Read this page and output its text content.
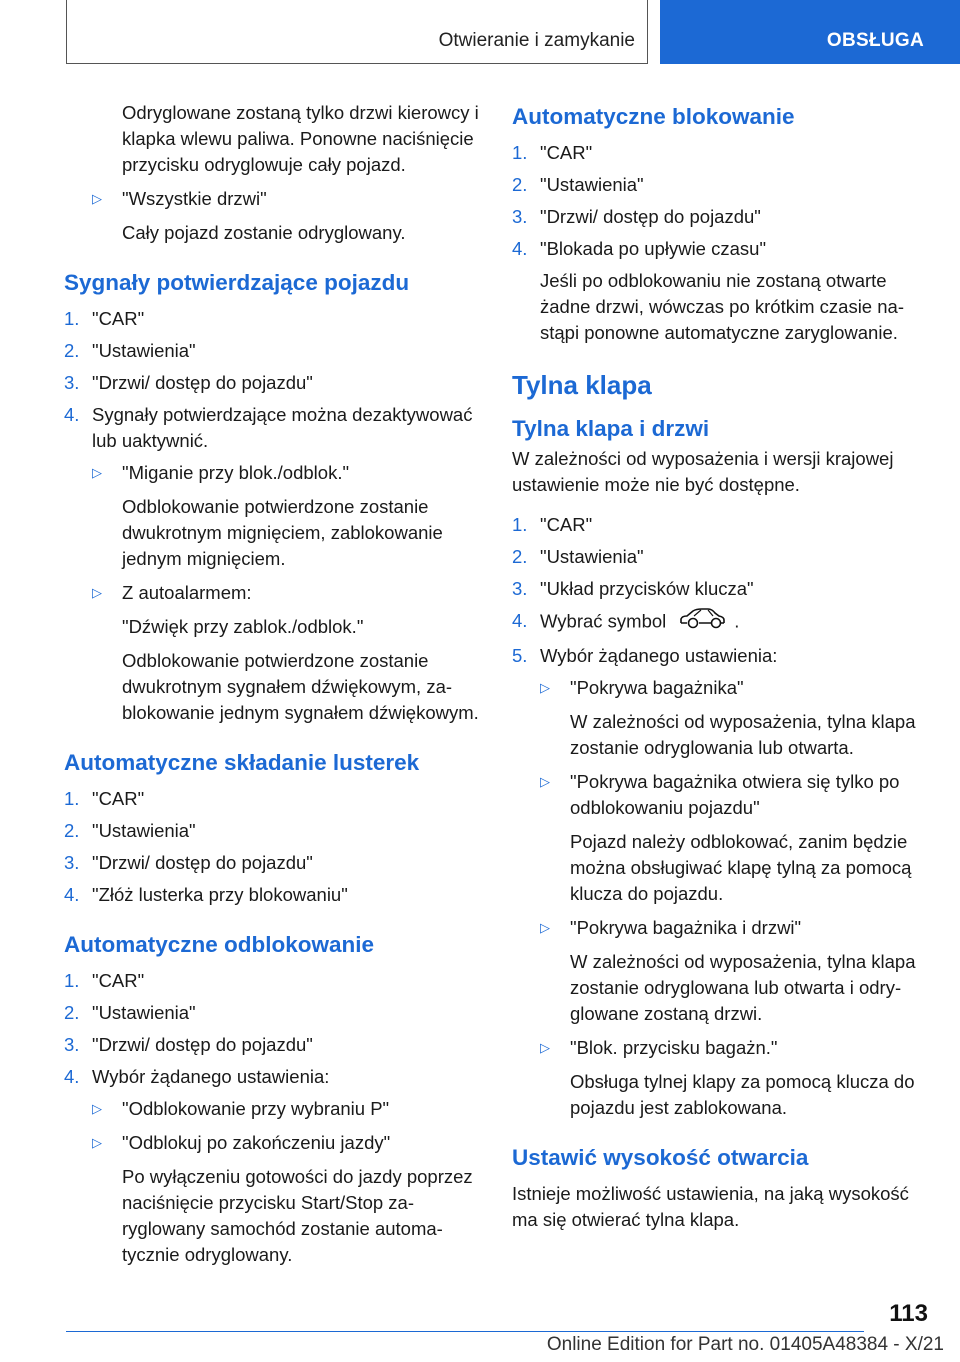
Otwieranie i zamykanie	OBSŁUGA

Odryglowane zostaną tylko drzwi kierowcy i klapka wlewu paliwa. Ponowne naciśnięcie przycisku odryglowuje cały pojazd.

▷	"Wszystkie drzwi"

Cały pojazd zostanie odryglowany.

Sygnały potwierdzające pojazdu
1. "CAR"
2. "Ustawienia"
3. "Drzwi/ dostęp do pojazdu"
4. Sygnały potwierdzające można dezaktywować lub uaktywnić.
▷	"Miganie przy blok./odblok."

Odblokowanie potwierdzone zostanie dwukrotnym mignięciem, zablokowanie jednym mignięciem.

▷	Z autoalarmem:

"Dźwięk przy zablok./odblok."

Odblokowanie potwierdzone zostanie dwukrotnym sygnałem dźwiękowym, zablokowanie jednym sygnałem dźwiękowym.

Automatyczne składanie lusterek
1. "CAR"
2. "Ustawienia"
3. "Drzwi/ dostęp do pojazdu"
4. "Złóż lusterka przy blokowaniu"
Automatyczne odblokowanie
1. "CAR"
2. "Ustawienia"
3. "Drzwi/ dostęp do pojazdu"
4. Wybór żądanego ustawienia:
▷	"Odblokowanie przy wybraniu P"
▷	"Odblokuj po zakończeniu jazdy"

Po wyłączeniu gotowości do jazdy poprzez naciśnięcie przycisku Start/Stop zaryglowany samochód zostanie automatycznie odryglowany.

Automatyczne blokowanie
1. "CAR"
2. "Ustawienia"
3. "Drzwi/ dostęp do pojazdu"
4. "Blokada po upływie czasu"

Jeśli po odblokowaniu nie zostaną otwarte żadne drzwi, wówczas po krótkim czasie nastąpi ponowne automatyczne zaryglowanie.

Tylna klapa
Tylna klapa i drzwi

W zależności od wyposażenia i wersji krajowej ustawienie może nie być dostępne.

1. "CAR"
2. "Ustawienia"
3. "Układ przycisków klucza"
4. Wybrać symbol	.
5. Wybór żądanego ustawienia:
▷	"Pokrywa bagażnika"

W zależności od wyposażenia, tylna klapa zostanie odryglowania lub otwarta.

▷	"Pokrywa bagażnika otwiera się tylko po odblokowaniu pojazdu"

Pojazd należy odblokować, zanim będzie można obsługiwać klapę tylną za pomocą klucza do pojazdu.

▷	"Pokrywa bagażnika i drzwi"

W zależności od wyposażenia, tylna klapa zostanie odryglowana lub otwarta i odryglowane zostaną drzwi.

▷	"Blok. przycisku bagażn."

Obsługa tylnej klapy za pomocą klucza do pojazdu jest zablokowana.

Ustawić wysokość otwarcia

Istnieje możliwość ustawienia, na jaką wysokość ma się otwierać tylna klapa.

113
Online Edition for Part no. 01405A48384 - X/21
